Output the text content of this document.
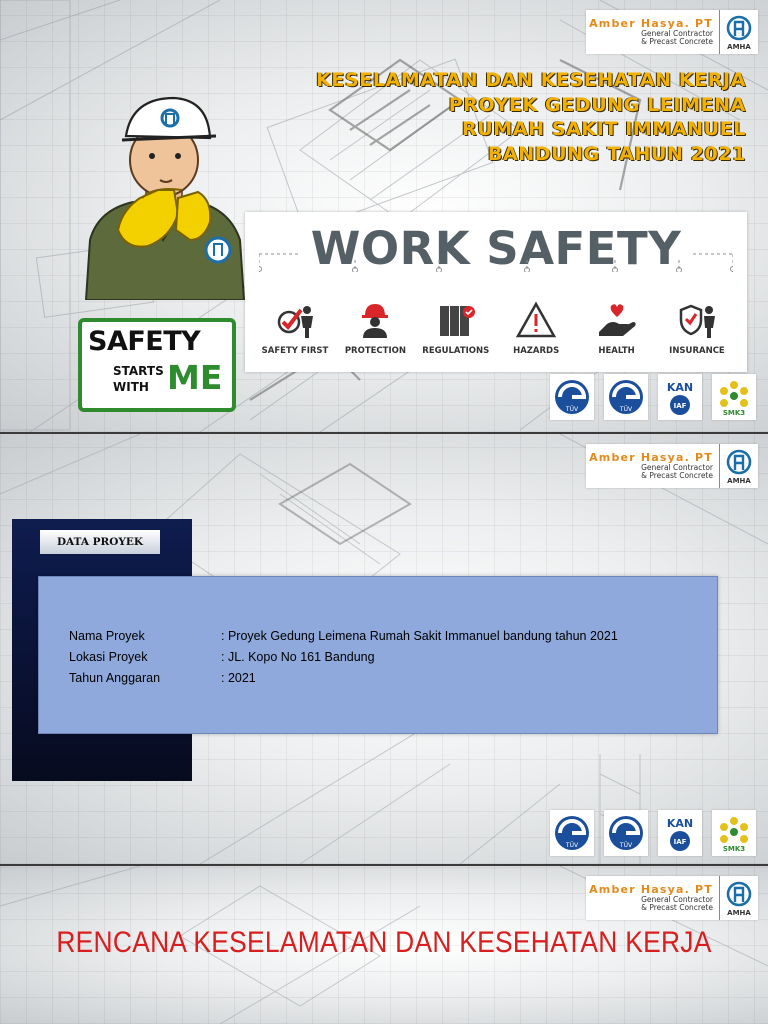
Amber Hasya. PT
General Contractor
& Precast Concrete
AMHA
KESELAMATAN DAN KESEHATAN KERJA
PROYEK GEDUNG LEIMENA
RUMAH SAKIT IMMANUEL
BANDUNG TAHUN 2021
SAFETY
STARTS
WITH ME
WORK SAFETY
SAFETY FIRST	PROTECTION	REGULATIONS	HAZARDS	HEALTH	INSURANCE
TÜV	TÜV
KAN
IAF
SMK3
Amber Hasya. PT
General Contractor
& Precast Concrete
AMHA
DATA PROYEK
Nama Proyek	: Proyek Gedung Leimena Rumah Sakit Immanuel bandung tahun 2021
Lokasi Proyek	: JL. Kopo No 161 Bandung
Tahun Anggaran	: 2021
TÜV	TÜV
KAN
IAF
SMK3
Amber Hasya. PT
General Contractor
& Precast Concrete
AMHA
RENCANA KESELAMATAN DAN KESEHATAN KERJA
